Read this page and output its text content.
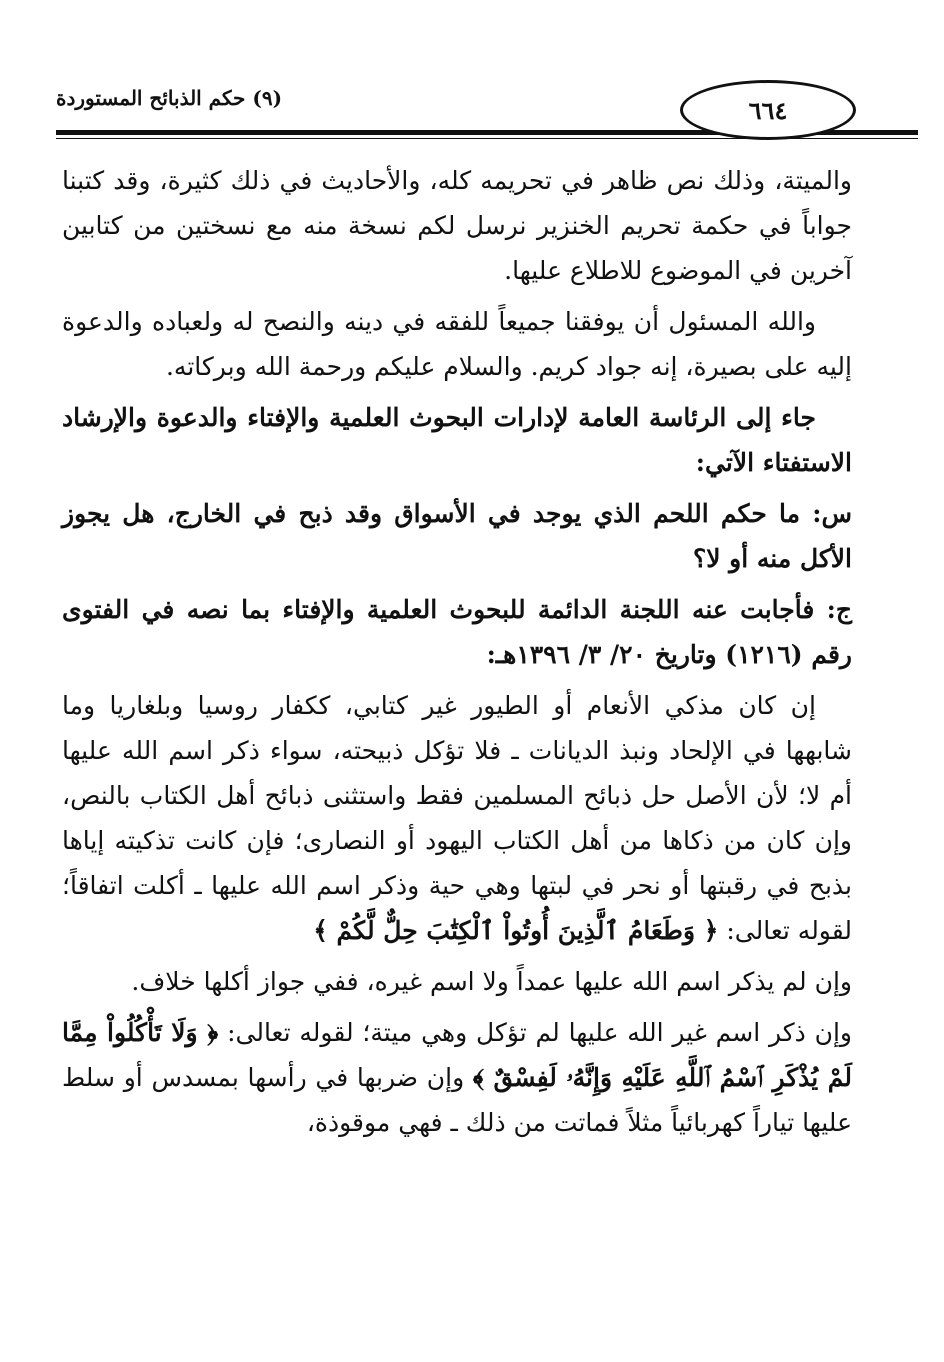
٦٦٤
(٩) حكم الذبائح المستوردة

والميتة، وذلك نص ظاهر في تحريمه كله، والأحاديث في ذلك كثيرة، وقد كتبنا جواباً في حكمة تحريم الخنزير نرسل لكم نسخة منه مع نسختين من كتابين آخرين في الموضوع للاطلاع عليها.

والله المسئول أن يوفقنا جميعاً للفقه في دينه والنصح له ولعباده والدعوة إليه على بصيرة، إنه جواد كريم. والسلام عليكم ورحمة الله وبركاته.

جاء إلى الرئاسة العامة لإدارات البحوث العلمية والإفتاء والدعوة والإرشاد الاستفتاء الآتي:

س: ما حكم اللحم الذي يوجد في الأسواق وقد ذبح في الخارج، هل يجوز الأكل منه أو لا؟

ج: فأجابت عنه اللجنة الدائمة للبحوث العلمية والإفتاء بما نصه في الفتوى رقم (١٢١٦) وتاريخ ٢٠/ ٣/ ١٣٩٦هـ:

إن كان مذكي الأنعام أو الطيور غير كتابي، ككفار روسيا وبلغاريا وما شابهها في الإلحاد ونبذ الديانات ـ فلا تؤكل ذبيحته، سواء ذكر اسم الله عليها أم لا؛ لأن الأصل حل ذبائح المسلمين فقط واستثنى ذبائح أهل الكتاب بالنص، وإن كان من ذكاها من أهل الكتاب اليهود أو النصارى؛ فإن كانت تذكيته إياها بذبح في رقبتها أو نحر في لبتها وهي حية وذكر اسم الله عليها ـ أكلت اتفاقاً؛ لقوله تعالى: ﴿ وَطَعَامُ ٱلَّذِينَ أُوتُواْ ٱلْكِتَٰبَ حِلٌّ لَّكُمْ ﴾

وإن لم يذكر اسم الله عليها عمداً ولا اسم غيره، ففي جواز أكلها خلاف.

وإن ذكر اسم غير الله عليها لم تؤكل وهي ميتة؛ لقوله تعالى: ﴿ وَلَا تَأْكُلُواْ مِمَّا لَمْ يُذْكَرِ ٱسْمُ ٱللَّهِ عَلَيْهِ وَإِنَّهُۥ لَفِسْقٌ ﴾ وإن ضربها في رأسها بمسدس أو سلط عليها تياراً كهربائياً مثلاً فماتت من ذلك ـ فهي موقوذة،
